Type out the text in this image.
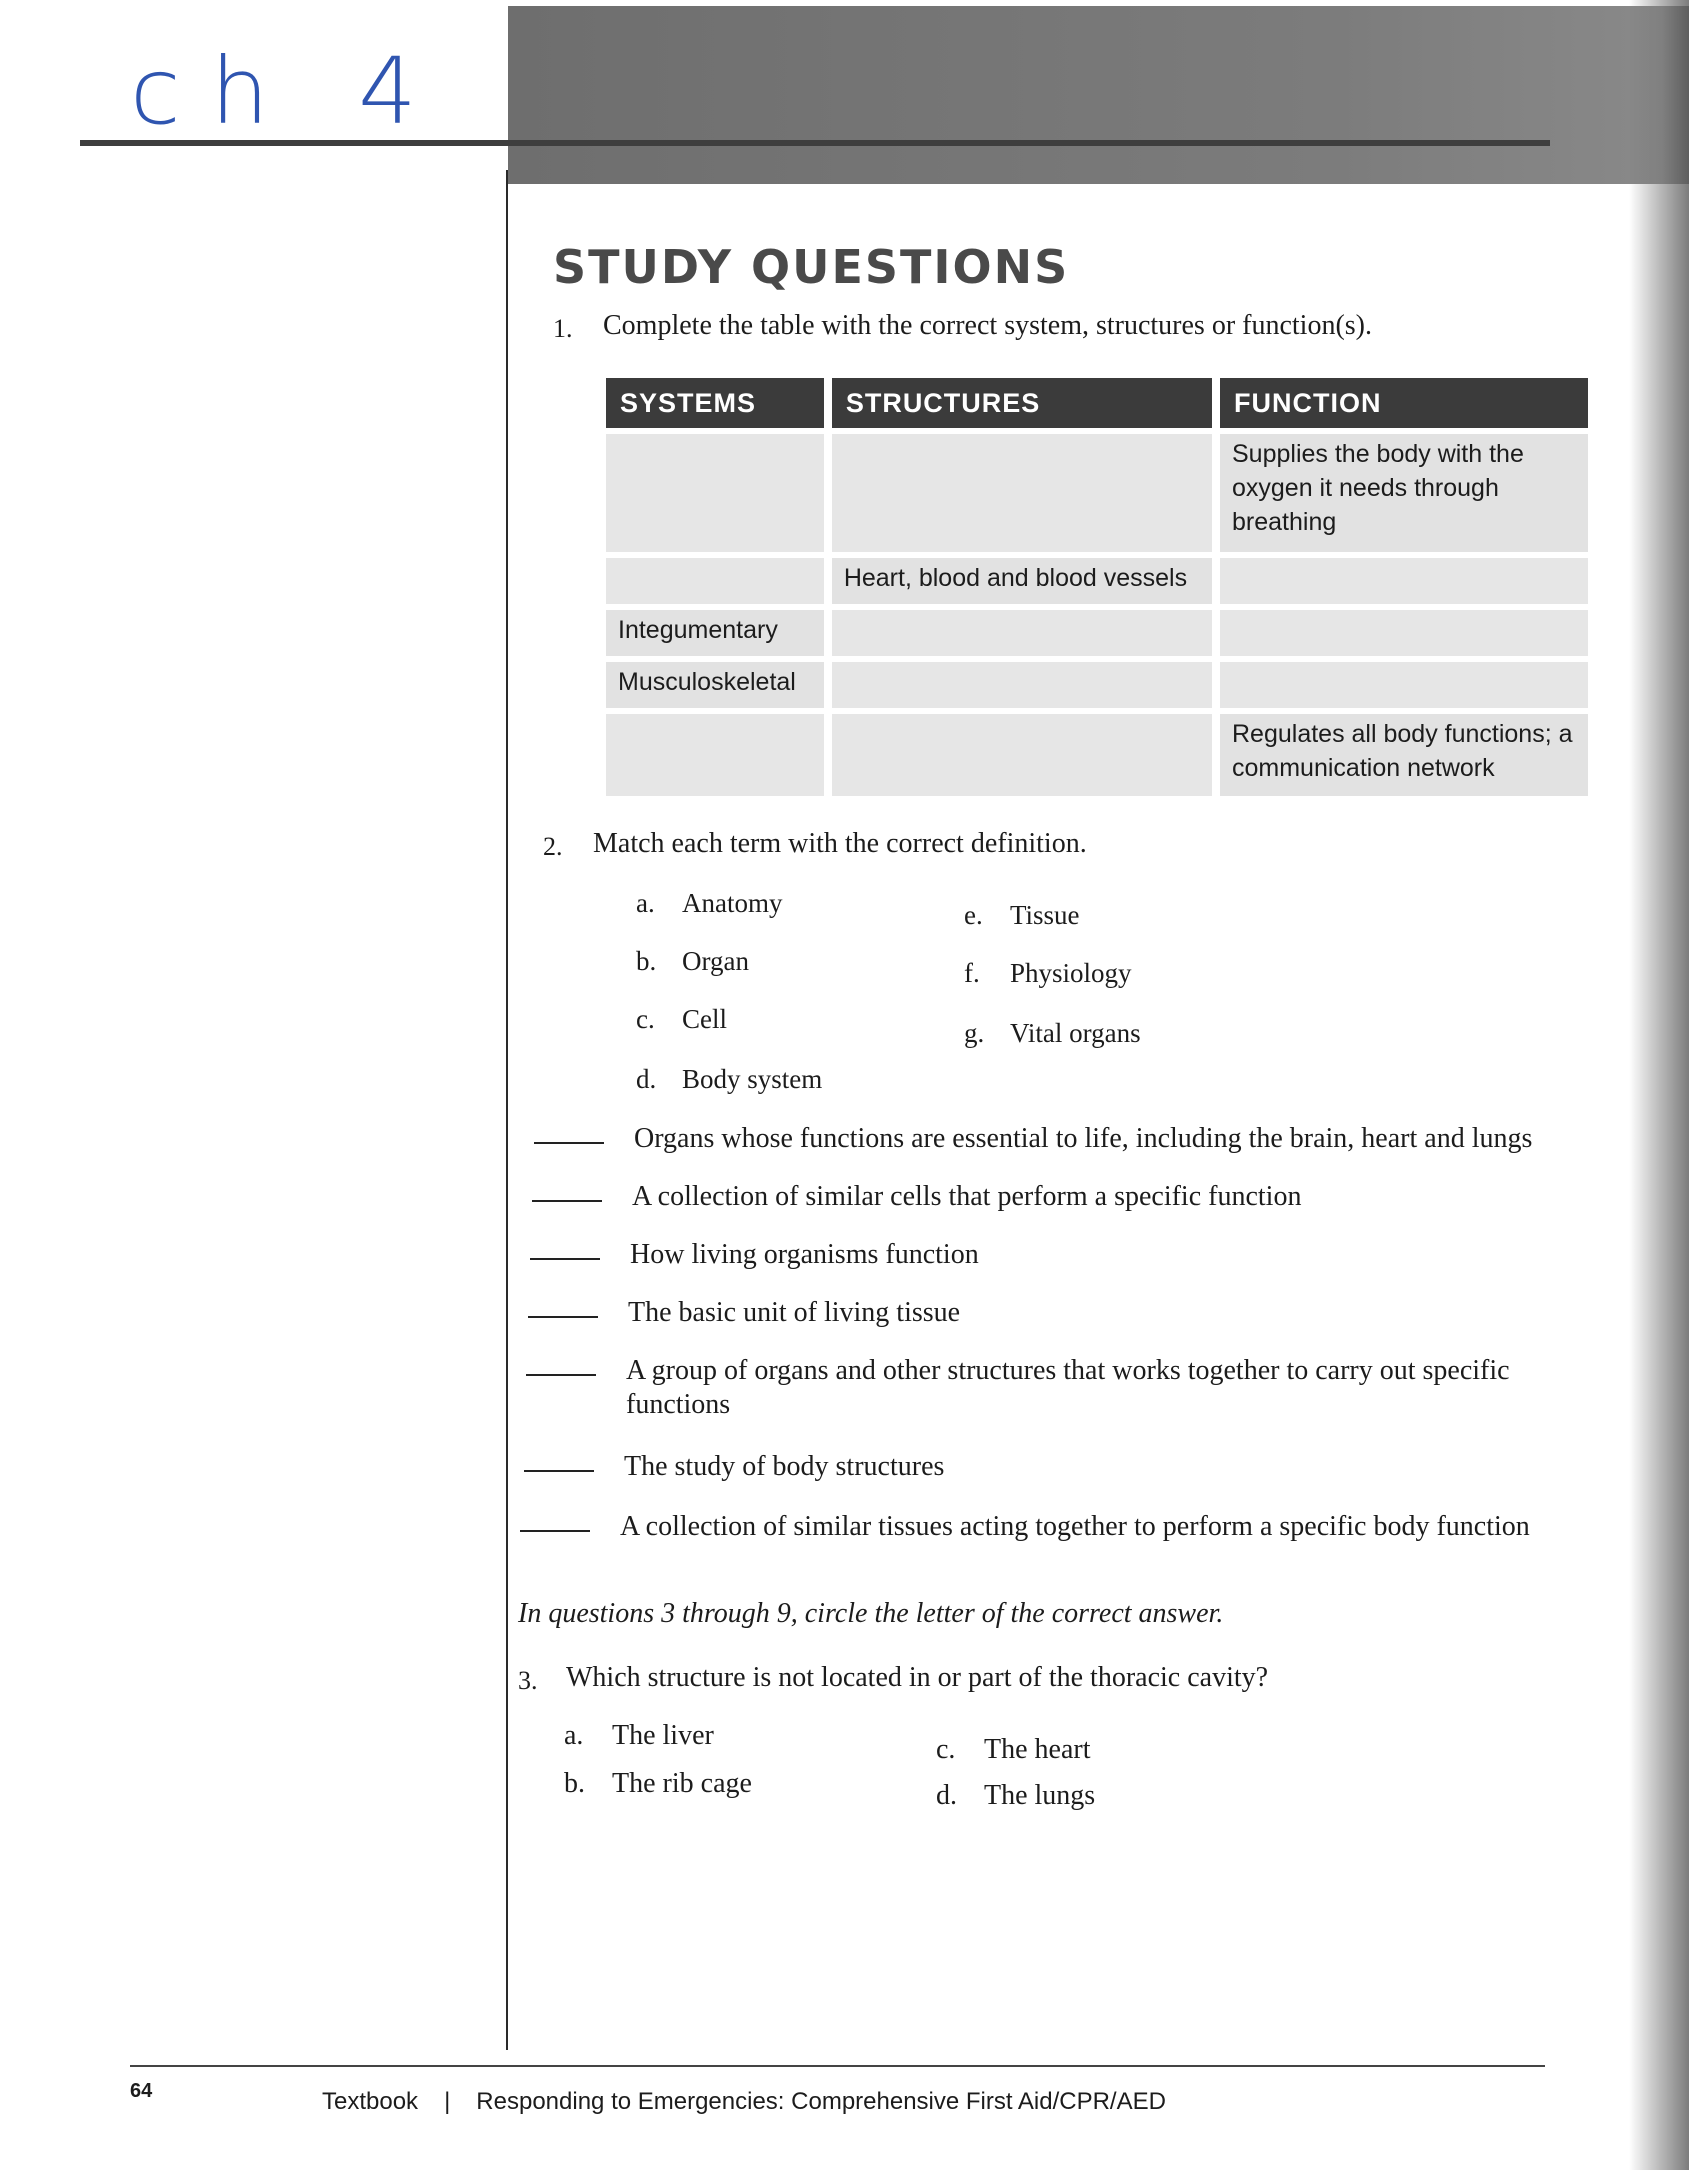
ch 4
STUDY QUESTIONS
1. Complete the table with the correct system, structures or function(s).
SYSTEMS	STRUCTURES	FUNCTION
		Supplies the body with the oxygen it needs through breathing
	Heart, blood and blood vessels	
Integumentary		
Musculoskeletal		
		Regulates all body functions; a communication network
2. Match each term with the correct definition.
a. Anatomy
b. Organ
c. Cell
d. Body system
e. Tissue
f. Physiology
g. Vital organs
Organs whose functions are essential to life, including the brain, heart and lungs
A collection of similar cells that perform a specific function
How living organisms function
The basic unit of living tissue
A group of organs and other structures that works together to carry out specific functions
The study of body structures
A collection of similar tissues acting together to perform a specific body function
In questions 3 through 9, circle the letter of the correct answer.
3. Which structure is not located in or part of the thoracic cavity?
a. The liver
b. The rib cage
c. The heart
d. The lungs
64	Textbook | Responding to Emergencies: Comprehensive First Aid/CPR/AED
